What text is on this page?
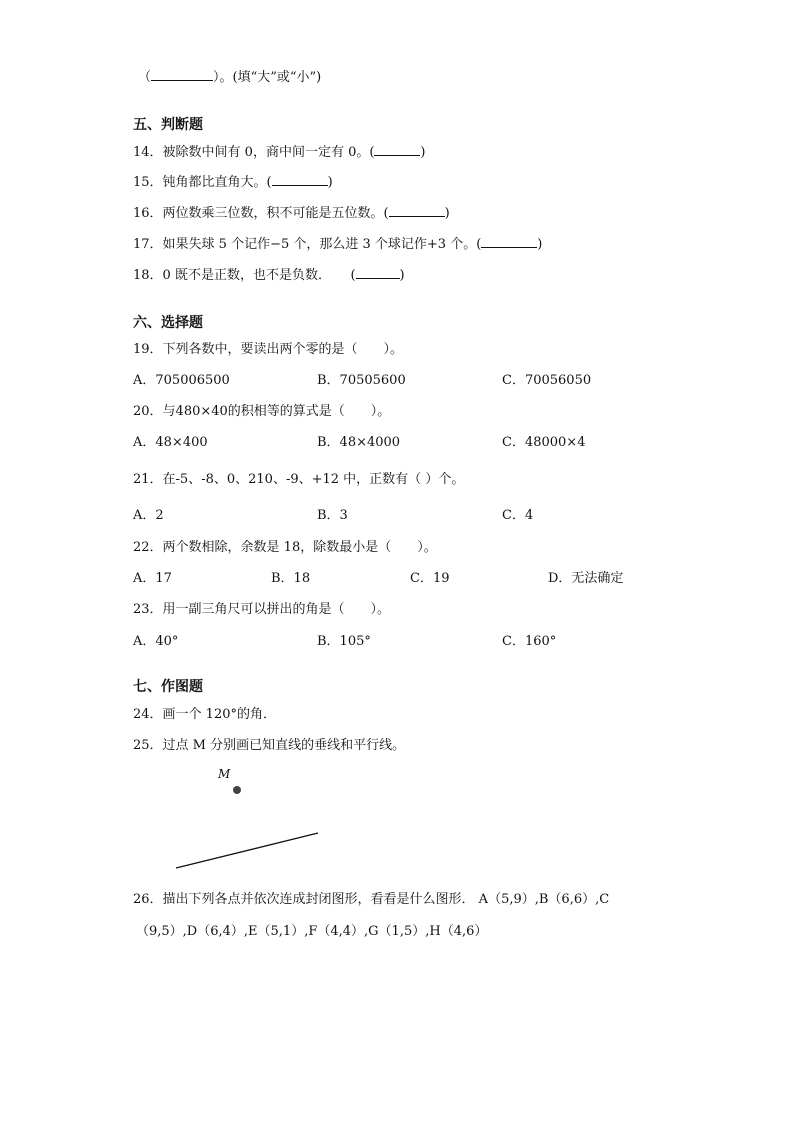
（	）。(填“大”或“小”)
五、判断题
14．被除数中间有 0，商中间一定有 0。(	)
15．钝角都比直角大。(	)
16．两位数乘三位数，积不可能是五位数。(	)
17．如果失球 5 个记作−5 个，那么进 3 个球记作+3 个。(	)
18．0 既不是正数，也不是负数．　　(	)
六、选择题
19．下列各数中，要读出两个零的是（　　）。
A．705006500	B．70505600	C．70056050
20．与480×40的积相等的算式是（　　）。
A．48×400	B．48×4000	C．48000×4
21．在-5、-8、0、210、-9、+12 中，正数有（ ）个。
A．2	B．3	C．4
22．两个数相除，余数是 18，除数最小是（　　）。
A．17	B．18	C．19	D．无法确定
23．用一副三角尺可以拼出的角是（　　）。
A．40°	B．105°	C．160°
七、作图题
24．画一个 120°的角．
25．过点 M 分别画已知直线的垂线和平行线。
M
26．描出下列各点并依次连成封闭图形，看看是什么图形． A（5,9）,B（6,6）,C
（9,5）,D（6,4）,E（5,1）,F（4,4）,G（1,5）,H（4,6）
